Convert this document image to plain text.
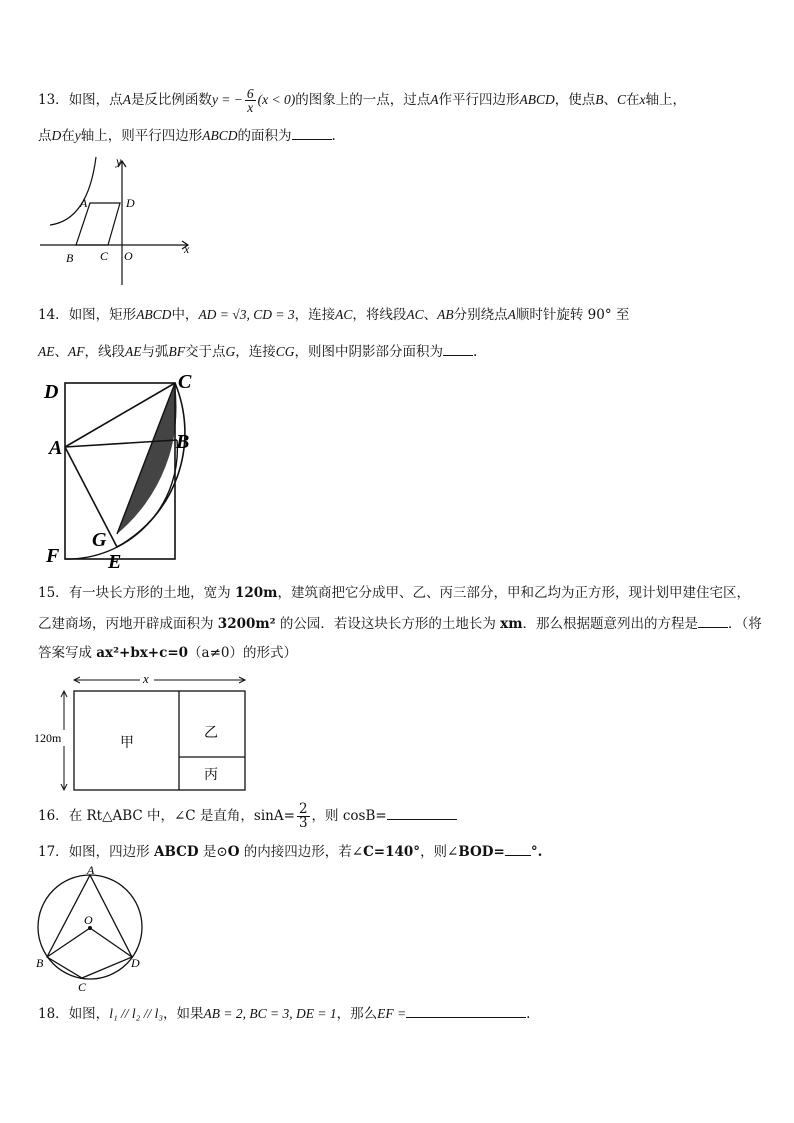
13．如图，点A是反比例函数y = − $\frac{6}{x} (x < 0)$的图象上的一点，过点A作平行四边形ABCD，使点B、C在x轴上，
点D在y轴上，则平行四边形ABCD的面积为	.
y
x
A	D
B C O
14．如图，矩形ABCD中，AD = √3, CD = 3，连接AC，将线段AC、AB分别绕点A顺时针旋转 90° 至
AE、AF，线段AE与弧BF交于点G，连接CG，则图中阴影部分面积为 .
D	C
A	B
G
F E
15．有一块长方形的土地，宽为 120m，建筑商把它分成甲、乙、丙三部分，甲和乙均为正方形，现计划甲建住宅区，
乙建商场，丙地开辟成面积为 3200m² 的公园．若设这块长方形的土地长为 xm．那么根据题意列出的方程是 ．（将
答案写成 ax²+bx+c=0（a≠0）的形式）
x
120m	甲
乙
丙
16．在 Rt△ABC 中，∠C 是直角，$\sin A= \frac{2}{3}$ ，则 cosB=
17．如图，四边形 ABCD 是⊙O 的内接四边形，若∠C=140°，则∠BOD= °.
A
O
B	D
C
18．如图，l₁ // l₂ // l₃，如果AB = 2, BC = 3, DE = 1，那么EF =	.
